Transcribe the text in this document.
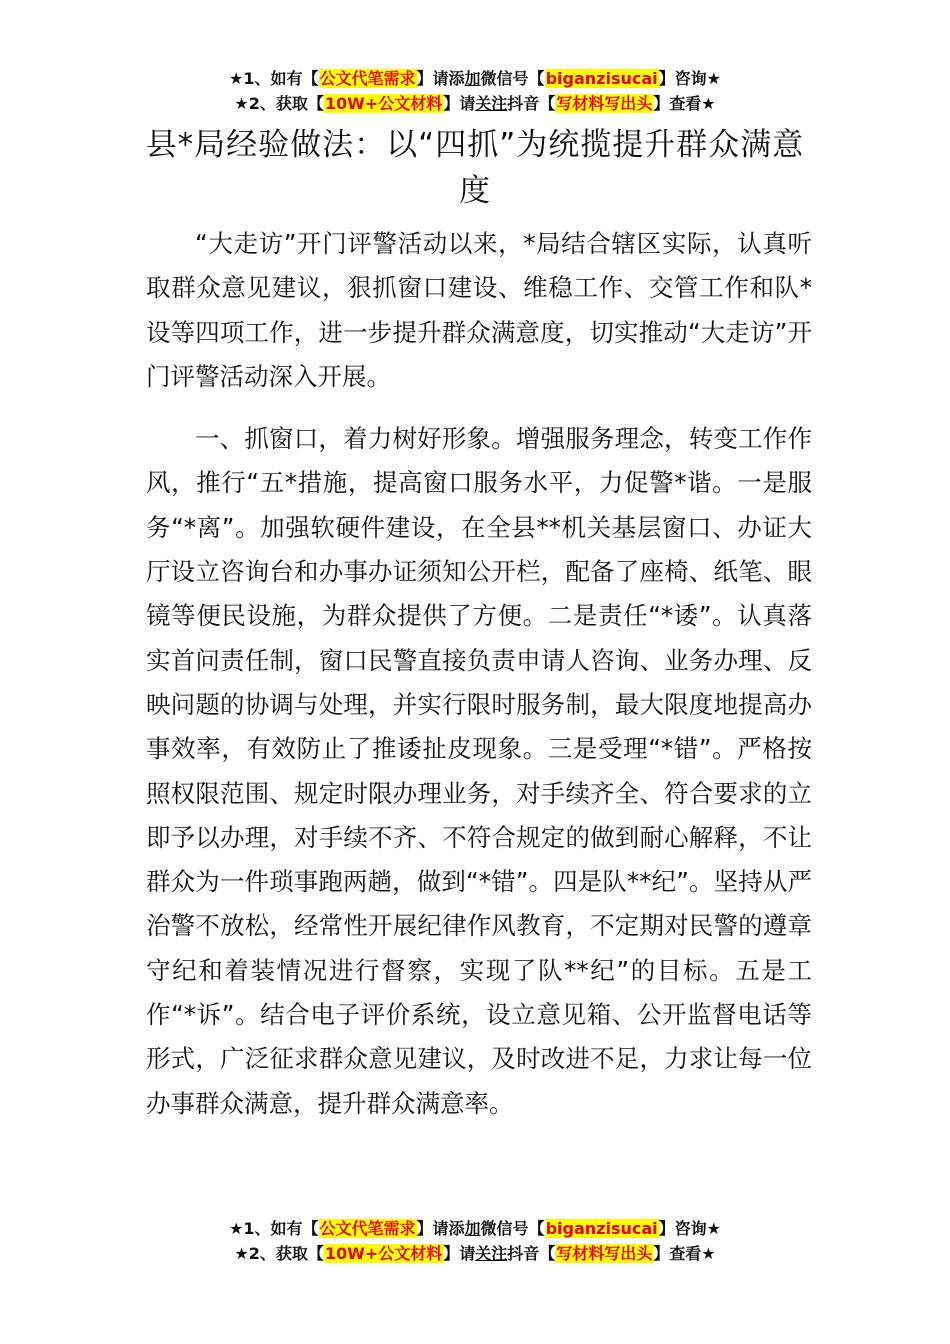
★1、如有【公文代笔需求】请添加微信号【biganzisucai】咨询★
★2、获取【10W+公文材料】请关注抖音【写材料写出头】查看★
县*局经验做法：以“四抓”为统揽提升群众满意度

“大走访”开门评警活动以来，*局结合辖区实际，认真听取群众意见建议，狠抓窗口建设、维稳工作、交管工作和队*设等四项工作，进一步提升群众满意度，切实推动“大走访”开门评警活动深入开展。

一、抓窗口，着力树好形象。增强服务理念，转变工作作风，推行“五*措施，提高窗口服务水平，力促警*谐。一是服务“*离”。加强软硬件建设，在全县**机关基层窗口、办证大厅设立咨询台和办事办证须知公开栏，配备了座椅、纸笔、眼镜等便民设施，为群众提供了方便。二是责任“*诿”。认真落实首问责任制，窗口民警直接负责申请人咨询、业务办理、反映问题的协调与处理，并实行限时服务制，最大限度地提高办事效率，有效防止了推诿扯皮现象。三是受理“*错”。严格按照权限范围、规定时限办理业务，对手续齐全、符合要求的立即予以办理，对手续不齐、不符合规定的做到耐心解释，不让群众为一件琐事跑两趟，做到“*错”。四是队**纪”。坚持从严治警不放松，经常性开展纪律作风教育，不定期对民警的遵章守纪和着装情况进行督察，实现了队**纪”的目标。五是工作“*诉”。结合电子评价系统，设立意见箱、公开监督电话等形式，广泛征求群众意见建议，及时改进不足，力求让每一位办事群众满意，提升群众满意率。

★1、如有【公文代笔需求】请添加微信号【biganzisucai】咨询★
★2、获取【10W+公文材料】请关注抖音【写材料写出头】查看★
